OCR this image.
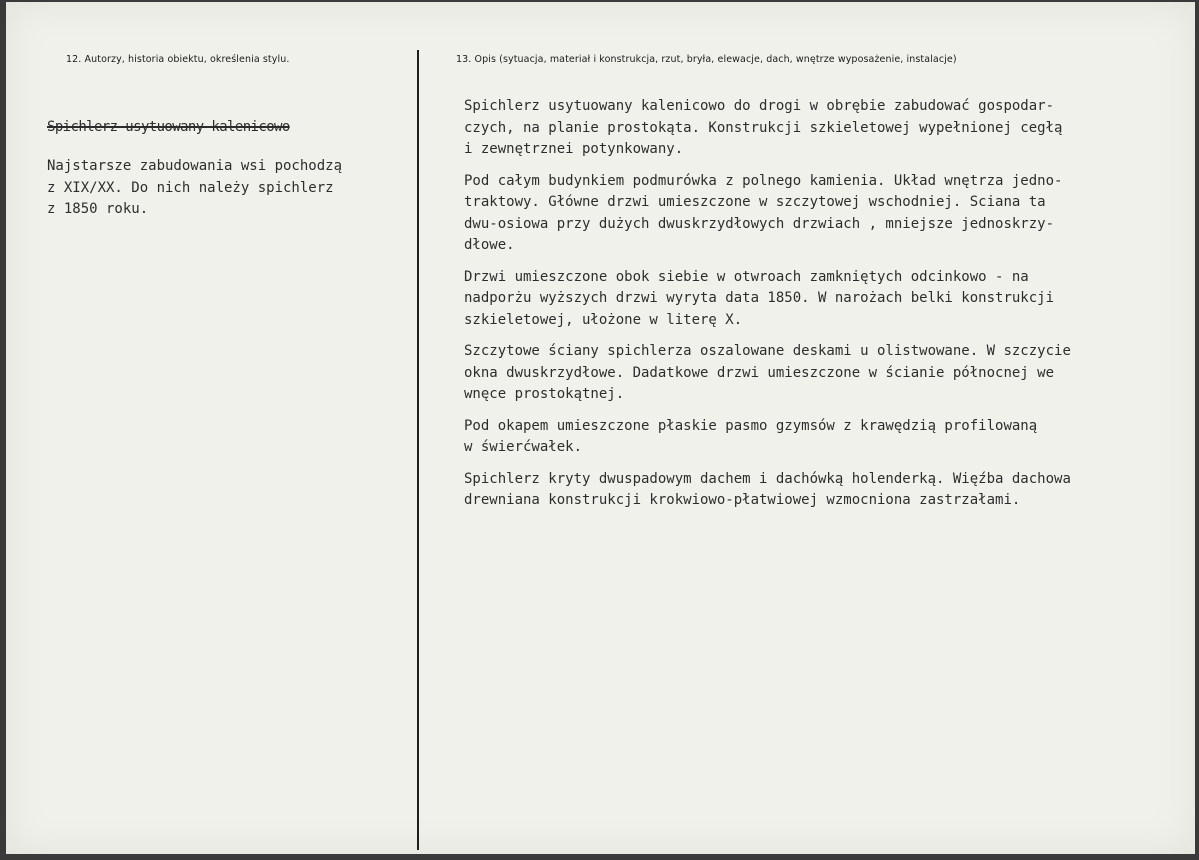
12. Autorzy, historia obiektu, określenia stylu.	13. Opis (sytuacja, materiał i konstrukcja, rzut, bryła, elewacje, dach, wnętrze wyposażenie, instalacje)
Spichlerz usytuowany kalenicowo

Najstarsze zabudowania wsi pochodzą

z XIX/XX. Do nich należy spichlerz

z 1850 roku.

Spichlerz usytuowany kalenicowo do drogi w obrębie zabudować gospodar-

czych, na planie prostokąta. Konstrukcji szkieletowej wypełnionej cegłą

i zewnętrznei potynkowany.

Pod całym budynkiem podmurówka z polnego kamienia. Układ wnętrza jedno-

traktowy. Główne drzwi umieszczone w szczytowej wschodniej. Sciana ta

dwu-osiowa przy dużych dwuskrzydłowych drzwiach , mniejsze jednoskrzy-

dłowe.

Drzwi umieszczone obok siebie w otwroach zamkniętych odcinkowo - na

nadporżu wyższych drzwi wyryta data 1850. W narożach belki konstrukcji

szkieletowej, ułożone w literę X.

Szczytowe ściany spichlerza oszalowane deskami u olistwowane. W szczycie

okna dwuskrzydłowe. Dadatkowe drzwi umieszczone w ścianie północnej we

wnęce prostokątnej.

Pod okapem umieszczone płaskie pasmo gzymsów z krawędzią profilowaną

w świerćwałek.

Spichlerz kryty dwuspadowym dachem i dachówką holenderką. Więźba dachowa

drewniana konstrukcji krokwiowo-płatwiowej wzmocniona zastrzałami.
